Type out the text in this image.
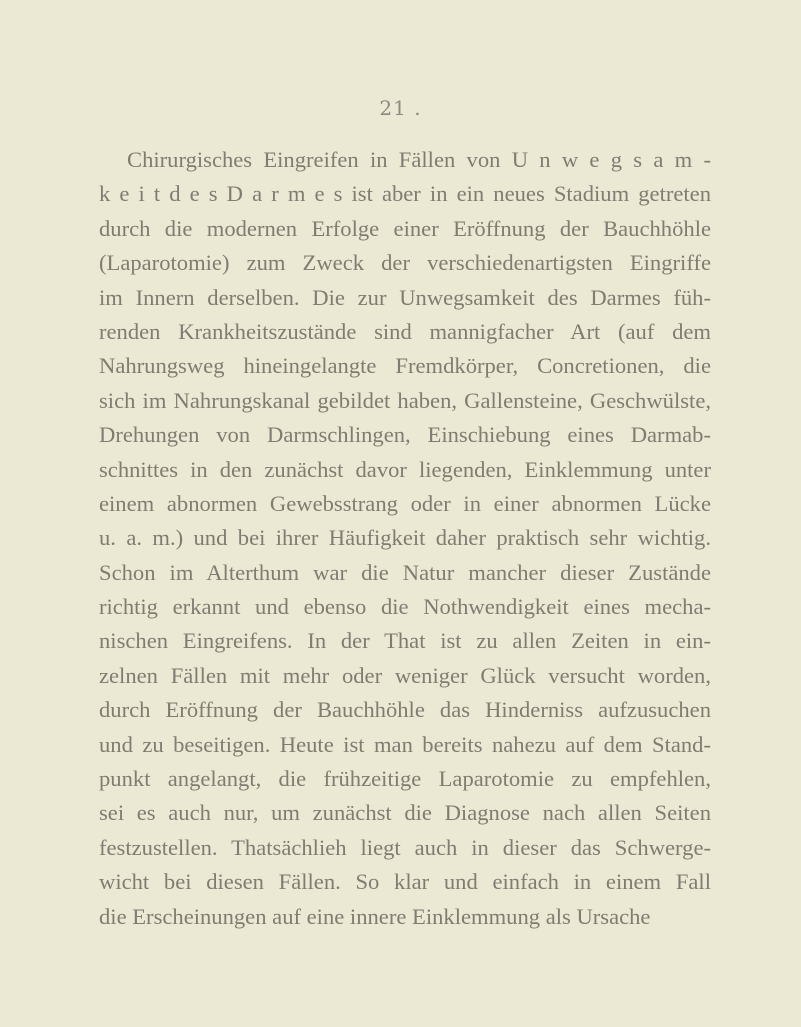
21 .
Chirurgisches Eingreifen in Fällen von U n w e g s a m -
k e i t d e s D a r m e s ist aber in ein neues Stadium getreten
durch die modernen Erfolge einer Eröffnung der Bauchhöhle
(Laparotomie) zum Zweck der verschiedenartigsten Eingriffe
im Innern derselben. Die zur Unwegsamkeit des Darmes füh-
renden Krankheitszustände sind mannigfacher Art (auf dem
Nahrungsweg hineingelangte Fremdkörper, Concretionen, die
sich im Nahrungskanal gebildet haben, Gallensteine, Geschwülste,
Drehungen von Darmschlingen, Einschiebung eines Darmab-
schnittes in den zunächst davor liegenden, Einklemmung unter
einem abnormen Gewebsstrang oder in einer abnormen Lücke
u. a. m.) und bei ihrer Häufigkeit daher praktisch sehr wichtig.
Schon im Alterthum war die Natur mancher dieser Zustände
richtig erkannt und ebenso die Nothwendigkeit eines mecha-
nischen Eingreifens. In der That ist zu allen Zeiten in ein-
zelnen Fällen mit mehr oder weniger Glück versucht worden,
durch Eröffnung der Bauchhöhle das Hinderniss aufzusuchen
und zu beseitigen. Heute ist man bereits nahezu auf dem Stand-
punkt angelangt, die frühzeitige Laparotomie zu empfehlen,
sei es auch nur, um zunächst die Diagnose nach allen Seiten
festzustellen. Thatsächlieh liegt auch in dieser das Schwerge-
wicht bei diesen Fällen. So klar und einfach in einem Fall
die Erscheinungen auf eine innere Einklemmung als Ursache
